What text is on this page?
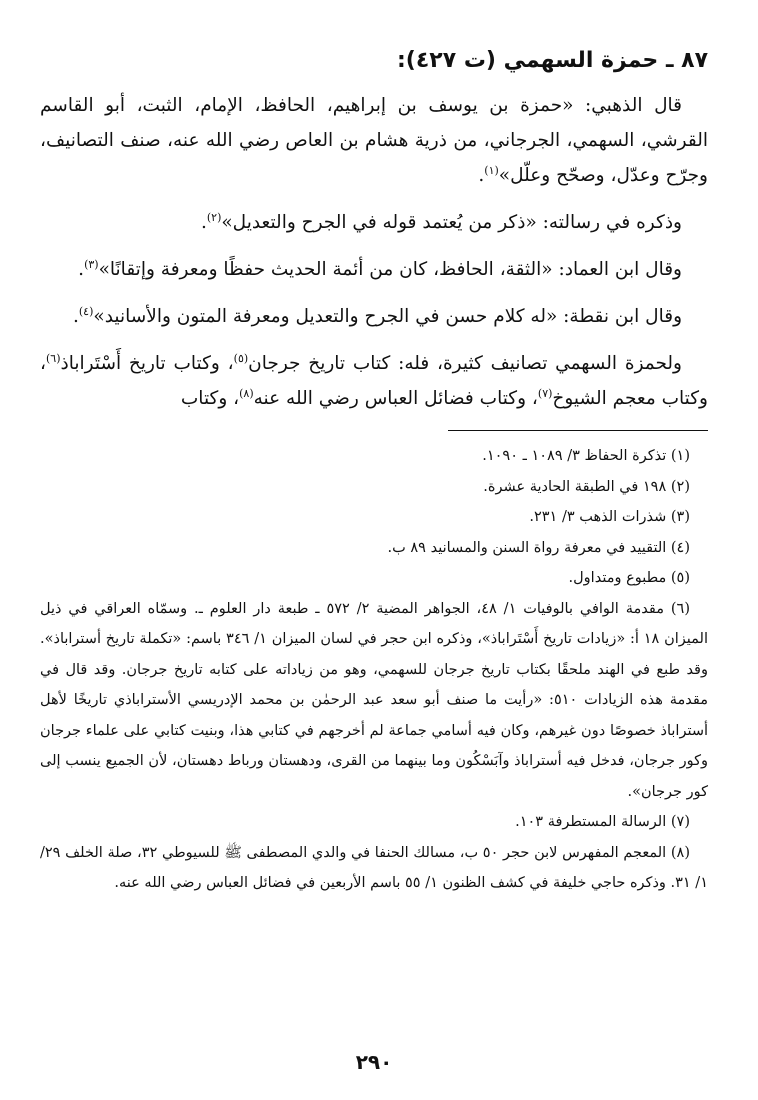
٨٧ ـ حمزة السهمي (ت ٤٢٧):

قال الذهبي: «حمزة بن يوسف بن إبراهيم، الحافظ، الإمام، الثبت، أبو القاسم القرشي، السهمي، الجرجاني، من ذرية هشام بن العاص رضي الله عنه، صنف التصانيف، وجرّح وعدّل، وصحّح وعلّل»$^{(١)}$.

وذكره في رسالته: «ذكر من يُعتمد قوله في الجرح والتعديل»$^{(٢)}$.

وقال ابن العماد: «الثقة، الحافظ، كان من أئمة الحديث حفظًا ومعرفة وإتقانًا»$^{(٣)}$.

وقال ابن نقطة: «له كلام حسن في الجرح والتعديل ومعرفة المتون والأسانيد»$^{(٤)}$.

ولحمزة السهمي تصانيف كثيرة، فله: كتاب تاريخ جرجان$^{(٥)}$، وكتاب تاريخ أَسْتَراباذ$^{(٦)}$، وكتاب معجم الشيوخ$^{(٧)}$، وكتاب فضائل العباس رضي الله عنه$^{(٨)}$، وكتاب

(١) تذكرة الحفاظ ٣/ ١٠٨٩ ـ ١٠٩٠.

(٢) ١٩٨ في الطبقة الحادية عشرة.

(٣) شذرات الذهب ٣/ ٢٣١.

(٤) التقييد في معرفة رواة السنن والمسانيد ٨٩ ب.

(٥) مطبوع ومتداول.

(٦) مقدمة الوافي بالوفيات ١/ ٤٨، الجواهر المضية ٢/ ٥٧٢ ـ طبعة دار العلوم ـ. وسمّاه العراقي في ذيل الميزان ١٨ أ: «زيادات تاريخ أَسْتَراباذ»، وذكره ابن حجر في لسان الميزان ١/ ٣٤٦ باسم: «تكملة تاريخ أستراباذ». وقد طبع في الهند ملحقًا بكتاب تاريخ جرجان للسهمي، وهو من زياداته على كتابه تاريخ جرجان. وقد قال في مقدمة هذه الزيادات ٥١٠: «رأيت ما صنف أبو سعد عبد الرحمٰن بن محمد الإدريسي الأستراباذي تاريخًا لأهل أستراباذ خصوصًا دون غيرهم، وكان فيه أسامي جماعة لم أخرجهم في كتابي هذا، وبنيت كتابي على علماء جرجان وكور جرجان، فدخل فيه أستراباذ وآبَسْكُون وما بينهما من القرى، ودهستان ورباط دهستان، لأن الجميع ينسب إلى كور جرجان».

(٧) الرسالة المستطرفة ١٠٣.

(٨) المعجم المفهرس لابن حجر ٥٠ ب، مسالك الحنفا في والدي المصطفى ﷺ للسيوطي ٣٢، صلة الخلف ٢٩/ ١/ ٣١. وذكره حاجي خليفة في كشف الظنون ١/ ٥٥ باسم الأربعين في فضائل العباس رضي الله عنه.

٢٩٠
